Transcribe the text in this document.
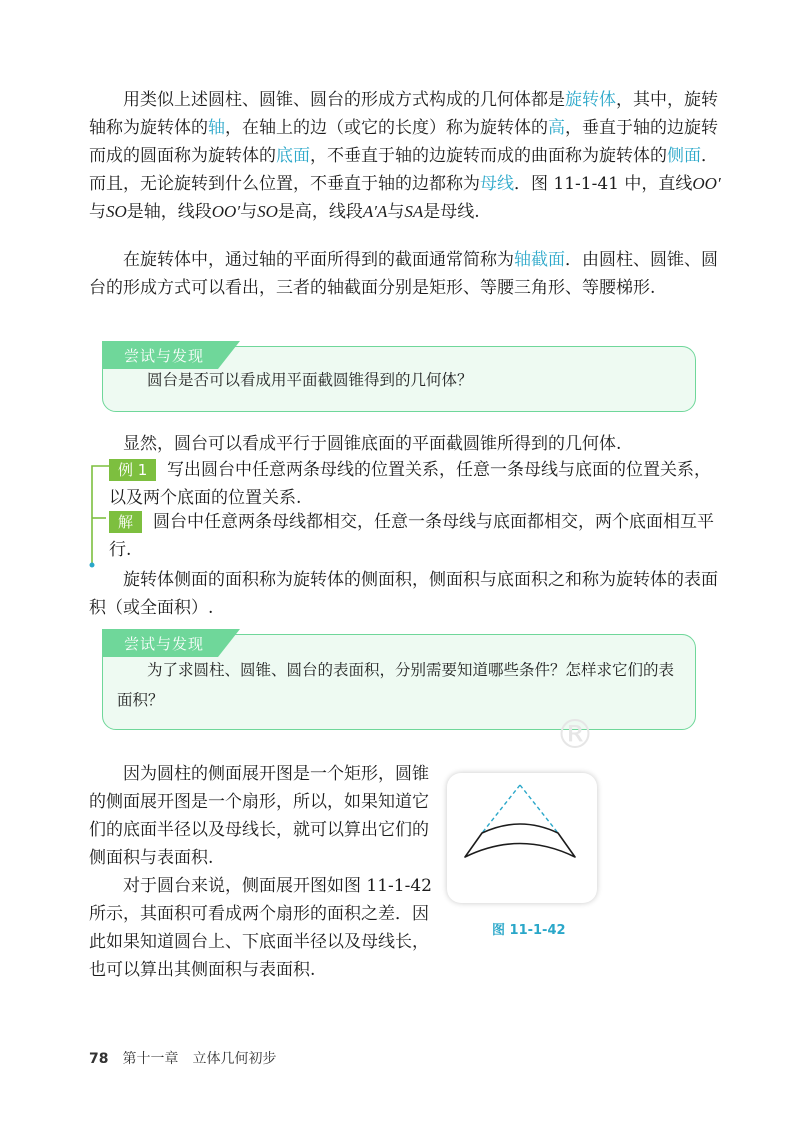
用类似上述圆柱、圆锥、圆台的形成方式构成的几何体都是旋转体，其中，旋转轴称为旋转体的轴，在轴上的边（或它的长度）称为旋转体的高，垂直于轴的边旋转而成的圆面称为旋转体的底面，不垂直于轴的边旋转而成的曲面称为旋转体的侧面．而且，无论旋转到什么位置，不垂直于轴的边都称为母线．图 11-1-41 中，直线OO′与SO是轴，线段OO′与SO是高，线段A′A与SA是母线.

在旋转体中，通过轴的平面所得到的截面通常简称为轴截面．由圆柱、圆锥、圆台的形成方式可以看出，三者的轴截面分别是矩形、等腰三角形、等腰梯形.

圆台是否可以看成用平面截圆锥得到的几何体？

尝试与发现

显然，圆台可以看成平行于圆锥底面的平面截圆锥所得到的几何体.

例 1	写出圆台中任意两条母线的位置关系，任意一条母线与底面的位置关系，以及两个底面的位置关系.

解	圆台中任意两条母线都相交，任意一条母线与底面都相交，两个底面相互平行.

旋转体侧面的面积称为旋转体的侧面积，侧面积与底面积之和称为旋转体的表面积（或全面积）.

为了求圆柱、圆锥、圆台的表面积，分别需要知道哪些条件？怎样求它们的表面积？

尝试与发现
®

因为圆柱的侧面展开图是一个矩形，圆锥的侧面展开图是一个扇形，所以，如果知道它们的底面半径以及母线长，就可以算出它们的侧面积与表面积.

对于圆台来说，侧面展开图如图 11-1-42 所示，其面积可看成两个扇形的面积之差．因此如果知道圆台上、下底面半径以及母线长，也可以算出其侧面积与表面积.

图 11-1-42
78 第十一章　立体几何初步
